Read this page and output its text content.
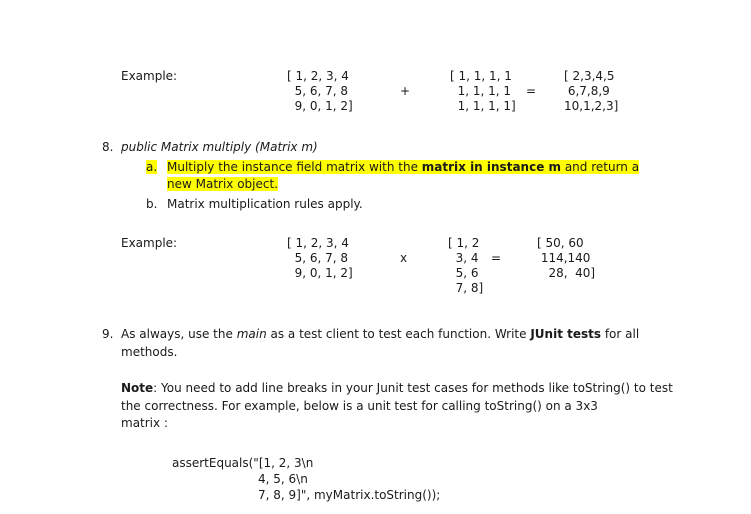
Example:	[ 1, 2, 3, 4
5, 6, 7, 8
9, 0, 1, 2]
+
[ 1, 1, 1, 1
1, 1, 1, 1
1, 1, 1, 1]
=
[ 2,3,4,5
6,7,8,9
10,1,2,3]
8. public Matrix multiply (Matrix m)
a. Multiply the instance field matrix with the matrix in instance m and return a
new Matrix object.
b. Matrix multiplication rules apply.
Example:	[ 1, 2, 3, 4
5, 6, 7, 8
9, 0, 1, 2]
x
[ 1, 2
3, 4
5, 6
7, 8]
=
[ 50, 60
114,140
28,  40]
9. As always, use the main as a test client to test each function. Write JUnit tests for all
methods.
Note: You need to add line breaks in your Junit test cases for methods like toString() to test
the correctness. For example, below is a unit test for calling toString() on a 3x3
matrix :
assertEquals("[1, 2, 3\n
4, 5, 6\n
7, 8, 9]", myMatrix.toString());
